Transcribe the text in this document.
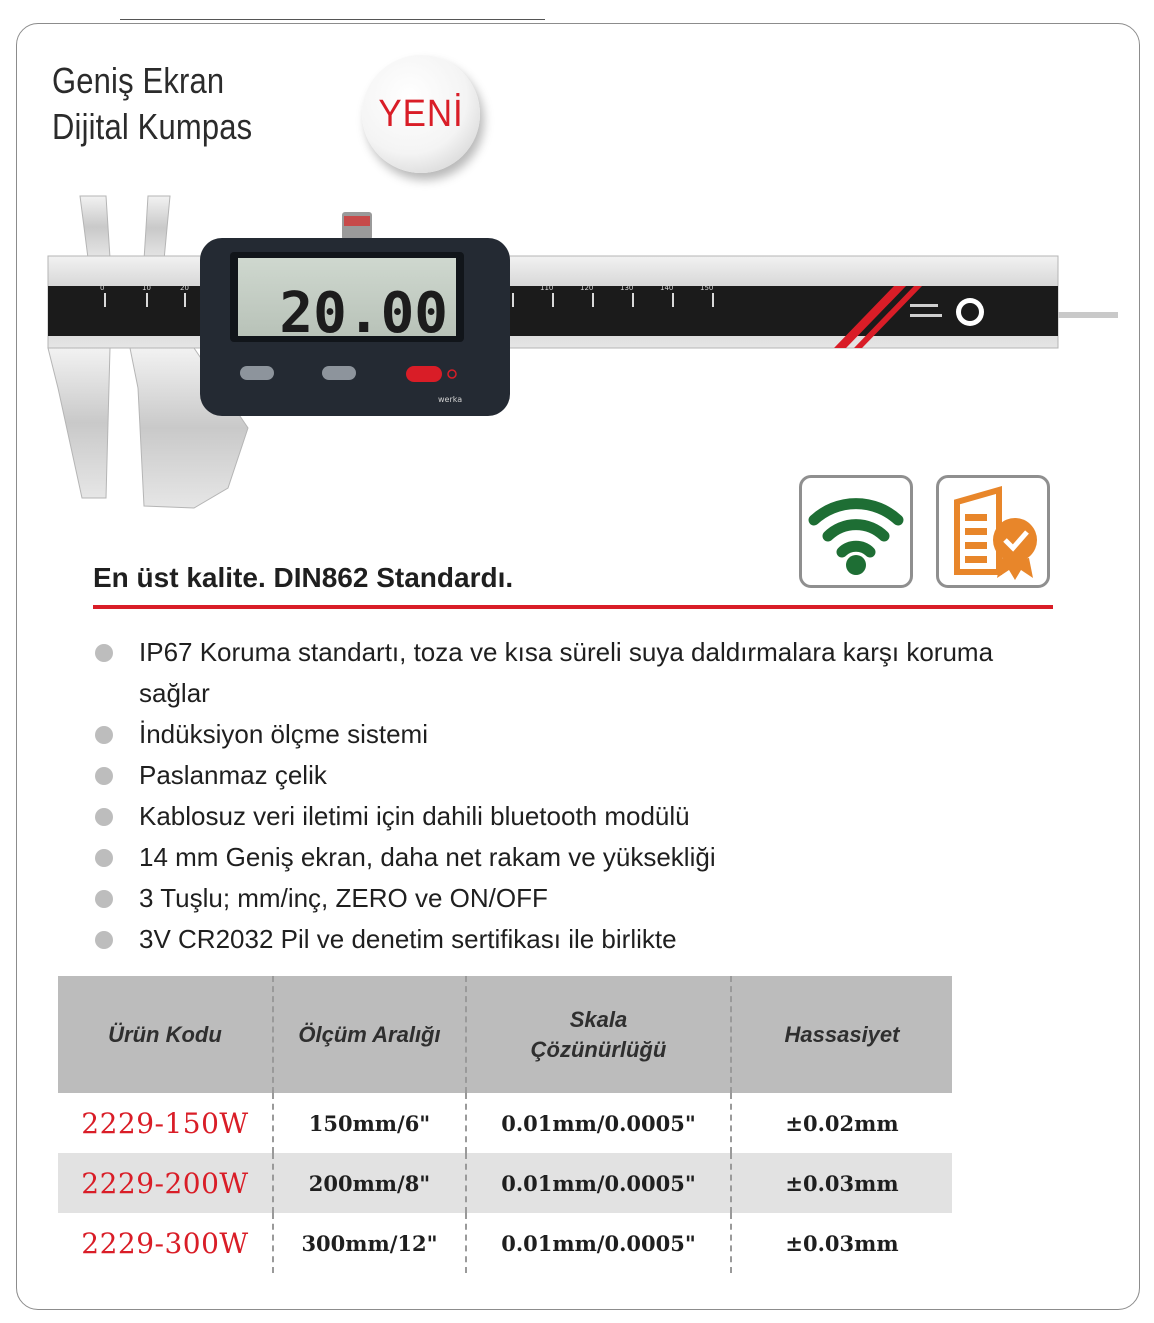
Geniş Ekran
Dijital Kumpas	YENİ
0	10	20	110	120	130	140	150
20.00
werka
En üst kalite. DIN862 Standardı.
IP67 Koruma standartı, toza ve kısa süreli suya daldırmalara karşı koruma sağlar
İndüksiyon ölçme sistemi
Paslanmaz çelik
Kablosuz veri iletimi için dahili bluetooth modülü
14 mm Geniş ekran, daha net rakam ve yüksekliği
3 Tuşlu; mm/inç, ZERO ve ON/OFF
3V CR2032 Pil ve denetim sertifikası ile birlikte
Ürün Kodu	Ölçüm Aralığı	Skala Çözünürlüğü	Hassasiyet
2229-150W	150mm/6"	0.01mm/0.0005"	±0.02mm
2229-200W	200mm/8"	0.01mm/0.0005"	±0.03mm
2229-300W	300mm/12"	0.01mm/0.0005"	±0.03mm
